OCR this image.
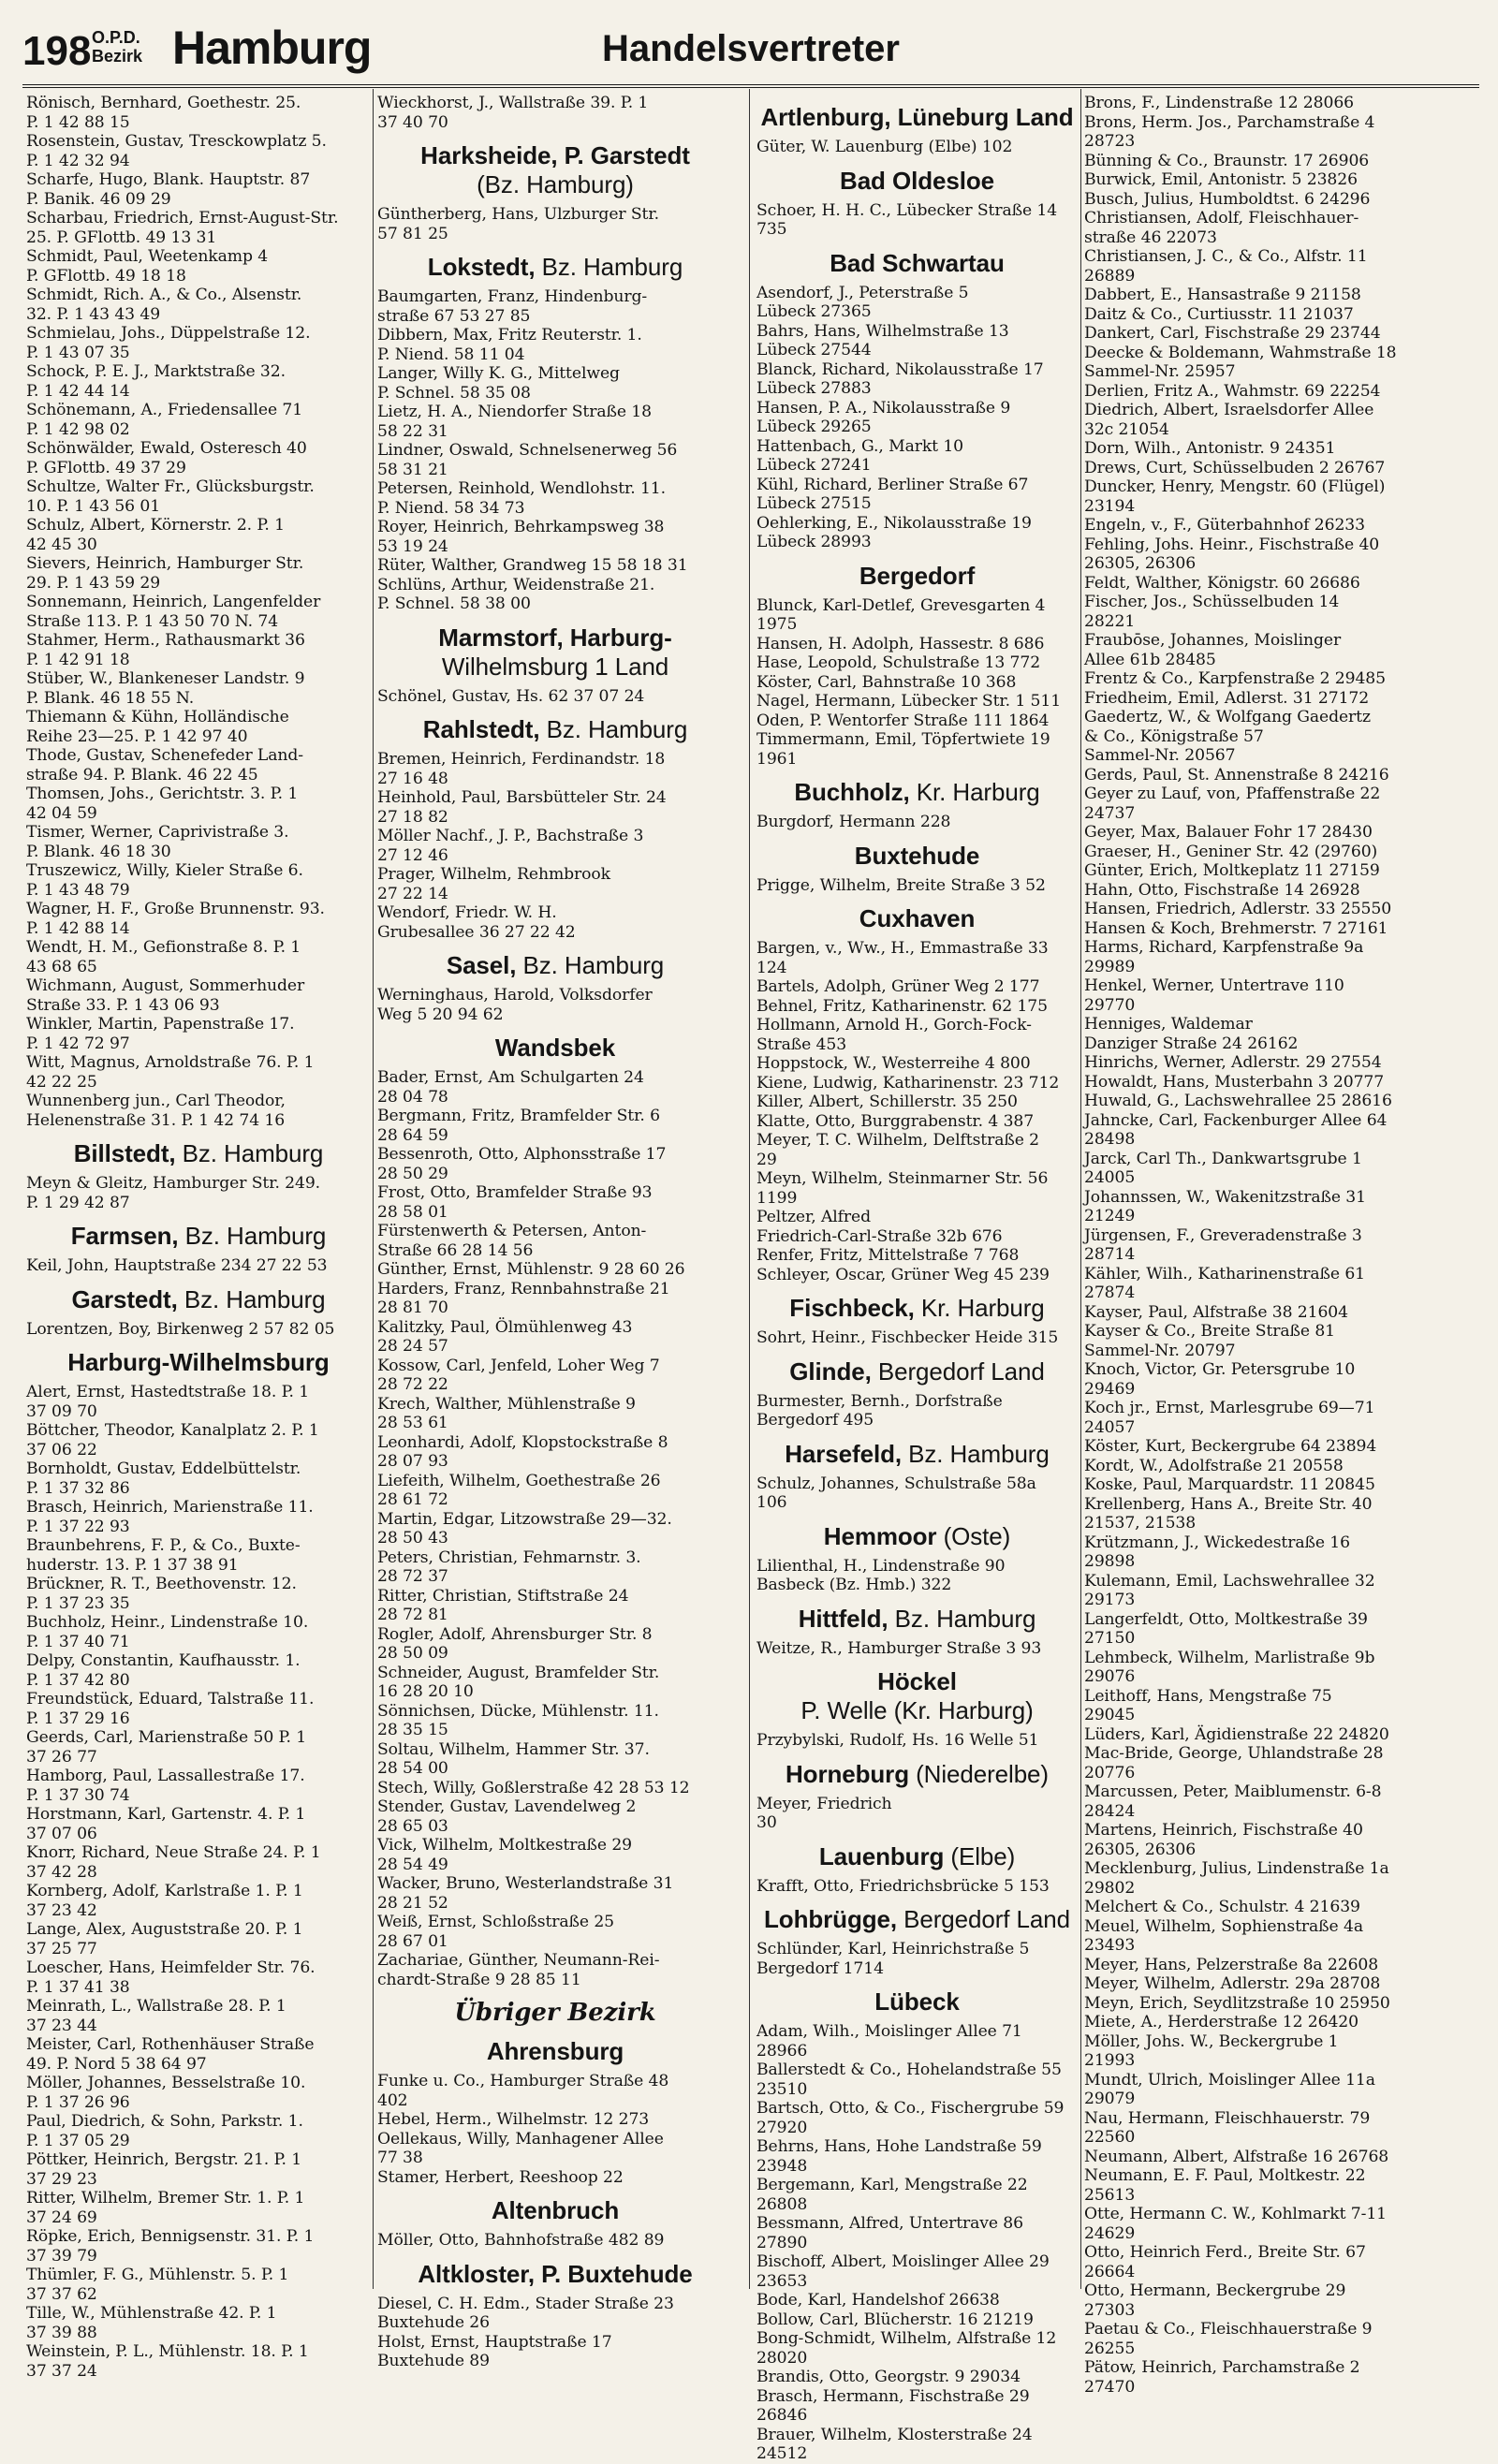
198 O.P.D.
Bezirk Hamburg	Handelsvertreter

Rönisch, Bernhard, Goethestr. 25.

P. 1 42 88 15

Rosenstein, Gustav, Tresckowplatz 5.

P. 1 42 32 94

Scharfe, Hugo, Blank. Hauptstr. 87

P. Banik. 46 09 29

Scharbau, Friedrich, Ernst-August-Str.

25. P. GFlottb. 49 13 31

Schmidt, Paul, Weetenkamp 4

P. GFlottb. 49 18 18

Schmidt, Rich. A., & Co., Alsenstr.

32. P. 1 43 43 49

Schmielau, Johs., Düppelstraße 12.

P. 1 43 07 35

Schock, P. E. J., Marktstraße 32.

P. 1 42 44 14

Schönemann, A., Friedensallee 71

P. 1 42 98 02

Schönwälder, Ewald, Osteresch 40

P. GFlottb. 49 37 29

Schultze, Walter Fr., Glücksburgstr.

10. P. 1 43 56 01

Schulz, Albert, Körnerstr. 2. P. 1

42 45 30

Sievers, Heinrich, Hamburger Str.

29. P. 1 43 59 29

Sonnemann, Heinrich, Langenfelder

Straße 113. P. 1 43 50 70 N. 74

Stahmer, Herm., Rathausmarkt 36

P. 1 42 91 18

Stüber, W., Blankeneser Landstr. 9

P. Blank. 46 18 55 N.

Thiemann & Kühn, Holländische

Reihe 23—25. P. 1 42 97 40

Thode, Gustav, Schenefeder Land-

straße 94. P. Blank. 46 22 45

Thomsen, Johs., Gerichtstr. 3. P. 1

42 04 59

Tismer, Werner, Caprivistraße 3.

P. Blank. 46 18 30

Truszewicz, Willy, Kieler Straße 6.

P. 1 43 48 79

Wagner, H. F., Große Brunnenstr. 93.

P. 1 42 88 14

Wendt, H. M., Gefionstraße 8. P. 1

43 68 65

Wichmann, August, Sommerhuder

Straße 33. P. 1 43 06 93

Winkler, Martin, Papenstraße 17.

P. 1 42 72 97

Witt, Magnus, Arnoldstraße 76. P. 1

42 22 25

Wunnenberg jun., Carl Theodor,

Helenenstraße 31. P. 1 42 74 16

Billstedt, Bz. Hamburg

Meyn & Gleitz, Hamburger Str. 249.

P. 1 29 42 87

Farmsen, Bz. Hamburg

Keil, John, Hauptstraße 234 27 22 53

Garstedt, Bz. Hamburg

Lorentzen, Boy, Birkenweg 2 57 82 05

Harburg-Wilhelmsburg

Alert, Ernst, Hastedtstraße 18. P. 1

37 09 70

Böttcher, Theodor, Kanalplatz 2. P. 1

37 06 22

Bornholdt, Gustav, Eddelbüttelstr.

P. 1 37 32 86

Brasch, Heinrich, Marienstraße 11.

P. 1 37 22 93

Braunbehrens, F. P., & Co., Buxte-

huderstr. 13. P. 1 37 38 91

Brückner, R. T., Beethovenstr. 12.

P. 1 37 23 35

Buchholz, Heinr., Lindenstraße 10.

P. 1 37 40 71

Delpy, Constantin, Kaufhausstr. 1.

P. 1 37 42 80

Freundstück, Eduard, Talstraße 11.

P. 1 37 29 16

Geerds, Carl, Marienstraße 50 P. 1

37 26 77

Hamborg, Paul, Lassallestraße 17.

P. 1 37 30 74

Horstmann, Karl, Gartenstr. 4. P. 1

37 07 06

Knorr, Richard, Neue Straße 24. P. 1

37 42 28

Kornberg, Adolf, Karlstraße 1. P. 1

37 23 42

Lange, Alex, Auguststraße 20. P. 1

37 25 77

Loescher, Hans, Heimfelder Str. 76.

P. 1 37 41 38

Meinrath, L., Wallstraße 28. P. 1

37 23 44

Meister, Carl, Rothenhäuser Straße

49. P. Nord 5 38 64 97

Möller, Johannes, Besselstraße 10.

P. 1 37 26 96

Paul, Diedrich, & Sohn, Parkstr. 1.

P. 1 37 05 29

Pöttker, Heinrich, Bergstr. 21. P. 1

37 29 23

Ritter, Wilhelm, Bremer Str. 1. P. 1

37 24 69

Röpke, Erich, Bennigsenstr. 31. P. 1

37 39 79

Thümler, F. G., Mühlenstr. 5. P. 1

37 37 62

Tille, W., Mühlenstraße 42. P. 1

37 39 88

Weinstein, P. L., Mühlenstr. 18. P. 1

37 37 24

Wieckhorst, J., Wallstraße 39. P. 1

37 40 70

Harksheide, P. Garstedt
(Bz. Hamburg)

Güntherberg, Hans, Ulzburger Str.

57 81 25

Lokstedt, Bz. Hamburg

Baumgarten, Franz, Hindenburg-

straße 67 53 27 85

Dibbern, Max, Fritz Reuterstr. 1.

P. Niend. 58 11 04

Langer, Willy K. G., Mittelweg

P. Schnel. 58 35 08

Lietz, H. A., Niendorfer Straße 18

58 22 31

Lindner, Oswald, Schnelsenerweg 56

58 31 21

Petersen, Reinhold, Wendlohstr. 11.

P. Niend. 58 34 73

Royer, Heinrich, Behrkampsweg 38

53 19 24

Rüter, Walther, Grandweg 15 58 18 31

Schlüns, Arthur, Weidenstraße 21.

P. Schnel. 58 38 00

Marmstorf, Harburg-
Wilhelmsburg 1 Land

Schönel, Gustav, Hs. 62 37 07 24

Rahlstedt, Bz. Hamburg

Bremen, Heinrich, Ferdinandstr. 18

27 16 48

Heinhold, Paul, Barsbütteler Str. 24

27 18 82

Möller Nachf., J. P., Bachstraße 3

27 12 46

Prager, Wilhelm, Rehmbrook

27 22 14

Wendorf, Friedr. W. H.

Grubesallee 36 27 22 42

Sasel, Bz. Hamburg

Werninghaus, Harold, Volksdorfer

Weg 5 20 94 62

Wandsbek

Bader, Ernst, Am Schulgarten 24

28 04 78

Bergmann, Fritz, Bramfelder Str. 6

28 64 59

Bessenroth, Otto, Alphonsstraße 17

28 50 29

Frost, Otto, Bramfelder Straße 93

28 58 01

Fürstenwerth & Petersen, Anton-

Straße 66 28 14 56

Günther, Ernst, Mühlenstr. 9 28 60 26

Harders, Franz, Rennbahnstraße 21

28 81 70

Kalitzky, Paul, Ölmühlenweg 43

28 24 57

Kossow, Carl, Jenfeld, Loher Weg 7

28 72 22

Krech, Walther, Mühlenstraße 9

28 53 61

Leonhardi, Adolf, Klopstockstraße 8

28 07 93

Liefeith, Wilhelm, Goethestraße 26

28 61 72

Martin, Edgar, Litzowstraße 29—32.

28 50 43

Peters, Christian, Fehmarnstr. 3.

28 72 37

Ritter, Christian, Stiftstraße 24

28 72 81

Rogler, Adolf, Ahrensburger Str. 8

28 50 09

Schneider, August, Bramfelder Str.

16 28 20 10

Sönnichsen, Dücke, Mühlenstr. 11.

28 35 15

Soltau, Wilhelm, Hammer Str. 37.

28 54 00

Stech, Willy, Goßlerstraße 42 28 53 12

Stender, Gustav, Lavendelweg 2

28 65 03

Vick, Wilhelm, Moltkestraße 29

28 54 49

Wacker, Bruno, Westerlandstraße 31

28 21 52

Weiß, Ernst, Schloßstraße 25

28 67 01

Zachariae, Günther, Neumann-Rei-

chardt-Straße 9 28 85 11

Übriger Bezirk
Ahrensburg

Funke u. Co., Hamburger Straße 48

402

Hebel, Herm., Wilhelmstr. 12 273

Oellekaus, Willy, Manhagener Allee

77 38

Stamer, Herbert, Reeshoop 22

Altenbruch

Möller, Otto, Bahnhofstraße 482 89

Altkloster, P. Buxtehude

Diesel, C. H. Edm., Stader Straße 23

Buxtehude 26

Holst, Ernst, Hauptstraße 17

Buxtehude 89

Artlenburg, Lüneburg Land

Güter, W. Lauenburg (Elbe) 102

Bad Oldesloe

Schoer, H. H. C., Lübecker Straße 14

735

Bad Schwartau

Asendorf, J., Peterstraße 5

Lübeck 27365

Bahrs, Hans, Wilhelmstraße 13

Lübeck 27544

Blanck, Richard, Nikolausstraße 17

Lübeck 27883

Hansen, P. A., Nikolausstraße 9

Lübeck 29265

Hattenbach, G., Markt 10

Lübeck 27241

Kühl, Richard, Berliner Straße 67

Lübeck 27515

Oehlerking, E., Nikolausstraße 19

Lübeck 28993

Bergedorf

Blunck, Karl-Detlef, Grevesgarten 4

1975

Hansen, H. Adolph, Hassestr. 8 686

Hase, Leopold, Schulstraße 13 772

Köster, Carl, Bahnstraße 10 368

Nagel, Hermann, Lübecker Str. 1 511

Oden, P. Wentorfer Straße 111 1864

Timmermann, Emil, Töpfertwiete 19

1961

Buchholz, Kr. Harburg

Burgdorf, Hermann 228

Buxtehude

Prigge, Wilhelm, Breite Straße 3 52

Cuxhaven

Bargen, v., Ww., H., Emmastraße 33

124

Bartels, Adolph, Grüner Weg 2 177

Behnel, Fritz, Katharinenstr. 62 175

Hollmann, Arnold H., Gorch-Fock-

Straße 453

Hoppstock, W., Westerreihe 4 800

Kiene, Ludwig, Katharinenstr. 23 712

Killer, Albert, Schillerstr. 35 250

Klatte, Otto, Burggrabenstr. 4 387

Meyer, T. C. Wilhelm, Delftstraße 2

29

Meyn, Wilhelm, Steinmarner Str. 56

1199

Peltzer, Alfred

Friedrich-Carl-Straße 32b 676

Renfer, Fritz, Mittelstraße 7 768

Schleyer, Oscar, Grüner Weg 45 239

Fischbeck, Kr. Harburg

Sohrt, Heinr., Fischbecker Heide 315

Glinde, Bergedorf Land

Burmester, Bernh., Dorfstraße

Bergedorf 495

Harsefeld, Bz. Hamburg

Schulz, Johannes, Schulstraße 58a

106

Hemmoor (Oste)

Lilienthal, H., Lindenstraße 90

Basbeck (Bz. Hmb.) 322

Hittfeld, Bz. Hamburg

Weitze, R., Hamburger Straße 3 93

Höckel
P. Welle (Kr. Harburg)

Przybylski, Rudolf, Hs. 16 Welle 51

Horneburg (Niederelbe)

Meyer, Friedrich

30

Lauenburg (Elbe)

Krafft, Otto, Friedrichsbrücke 5 153

Lohbrügge, Bergedorf Land

Schlünder, Karl, Heinrichstraße 5

Bergedorf 1714

Lübeck

Adam, Wilh., Moislinger Allee 71

28966

Ballerstedt & Co., Hohelandstraße 55

23510

Bartsch, Otto, & Co., Fischergrube 59

27920

Behrns, Hans, Hohe Landstraße 59

23948

Bergemann, Karl, Mengstraße 22

26808

Bessmann, Alfred, Untertrave 86

27890

Bischoff, Albert, Moislinger Allee 29

23653

Bode, Karl, Handelshof 26638

Bollow, Carl, Blücherstr. 16 21219

Bong-Schmidt, Wilhelm, Alfstraße 12

28020

Brandis, Otto, Georgstr. 9 29034

Brasch, Hermann, Fischstraße 29

26846

Brauer, Wilhelm, Klosterstraße 24

24512

Brons, F., Lindenstraße 12 28066

Brons, Herm. Jos., Parchamstraße 4

28723

Bünning & Co., Braunstr. 17 26906

Burwick, Emil, Antonistr. 5 23826

Busch, Julius, Humboldtst. 6 24296

Christiansen, Adolf, Fleischhauer-

straße 46 22073

Christiansen, J. C., & Co., Alfstr. 11

26889

Dabbert, E., Hansastraße 9 21158

Daitz & Co., Curtiusstr. 11 21037

Dankert, Carl, Fischstraße 29 23744

Deecke & Boldemann, Wahmstraße 18

Sammel-Nr. 25957

Derlien, Fritz A., Wahmstr. 69 22254

Diedrich, Albert, Israelsdorfer Allee

32c 21054

Dorn, Wilh., Antonistr. 9 24351

Drews, Curt, Schüsselbuden 2 26767

Duncker, Henry, Mengstr. 60 (Flügel)

23194

Engeln, v., F., Güterbahnhof 26233

Fehling, Johs. Heinr., Fischstraße 40

26305, 26306

Feldt, Walther, Königstr. 60 26686

Fischer, Jos., Schüsselbuden 14

28221

Fraubōse, Johannes, Moislinger

Allee 61b 28485

Frentz & Co., Karpfenstraße 2 29485

Friedheim, Emil, Adlerst. 31 27172

Gaedertz, W., & Wolfgang Gaedertz

& Co., Königstraße 57

Sammel-Nr. 20567

Gerds, Paul, St. Annenstraße 8 24216

Geyer zu Lauf, von, Pfaffenstraße 22

24737

Geyer, Max, Balauer Fohr 17 28430

Graeser, H., Geniner Str. 42 (29760)

Günter, Erich, Moltkeplatz 11 27159

Hahn, Otto, Fischstraße 14 26928

Hansen, Friedrich, Adlerstr. 33 25550

Hansen & Koch, Brehmerstr. 7 27161

Harms, Richard, Karpfenstraße 9a

29989

Henkel, Werner, Untertrave 110

29770

Henniges, Waldemar

Danziger Straße 24 26162

Hinrichs, Werner, Adlerstr. 29 27554

Howaldt, Hans, Musterbahn 3 20777

Huwald, G., Lachswehrallee 25 28616

Jahncke, Carl, Fackenburger Allee 64

28498

Jarck, Carl Th., Dankwartsgrube 1

24005

Johannssen, W., Wakenitzstraße 31

21249

Jürgensen, F., Greveradenstraße 3

28714

Kähler, Wilh., Katharinenstraße 61

27874

Kayser, Paul, Alfstraße 38 21604

Kayser & Co., Breite Straße 81

Sammel-Nr. 20797

Knoch, Victor, Gr. Petersgrube 10

29469

Koch jr., Ernst, Marlesgrube 69—71

24057

Köster, Kurt, Beckergrube 64 23894

Kordt, W., Adolfstraße 21 20558

Koske, Paul, Marquardstr. 11 20845

Krellenberg, Hans A., Breite Str. 40

21537, 21538

Krützmann, J., Wickedestraße 16

29898

Kulemann, Emil, Lachswehrallee 32

29173

Langerfeldt, Otto, Moltkestraße 39

27150

Lehmbeck, Wilhelm, Marlistraße 9b

29076

Leithoff, Hans, Mengstraße 75

29045

Lüders, Karl, Ägidienstraße 22 24820

Mac-Bride, George, Uhlandstraße 28

20776

Marcussen, Peter, Maiblumenstr. 6-8

28424

Martens, Heinrich, Fischstraße 40

26305, 26306

Mecklenburg, Julius, Lindenstraße 1a

29802

Melchert & Co., Schulstr. 4 21639

Meuel, Wilhelm, Sophienstraße 4a

23493

Meyer, Hans, Pelzerstraße 8a 22608

Meyer, Wilhelm, Adlerstr. 29a 28708

Meyn, Erich, Seydlitzstraße 10 25950

Miete, A., Herderstraße 12 26420

Möller, Johs. W., Beckergrube 1

21993

Mundt, Ulrich, Moislinger Allee 11a

29079

Nau, Hermann, Fleischhauerstr. 79

22560

Neumann, Albert, Alfstraße 16 26768

Neumann, E. F. Paul, Moltkestr. 22

25613

Otte, Hermann C. W., Kohlmarkt 7-11

24629

Otto, Heinrich Ferd., Breite Str. 67

26664

Otto, Hermann, Beckergrube 29

27303

Paetau & Co., Fleischhauerstraße 9

26255

Pätow, Heinrich, Parchamstraße 2

27470
